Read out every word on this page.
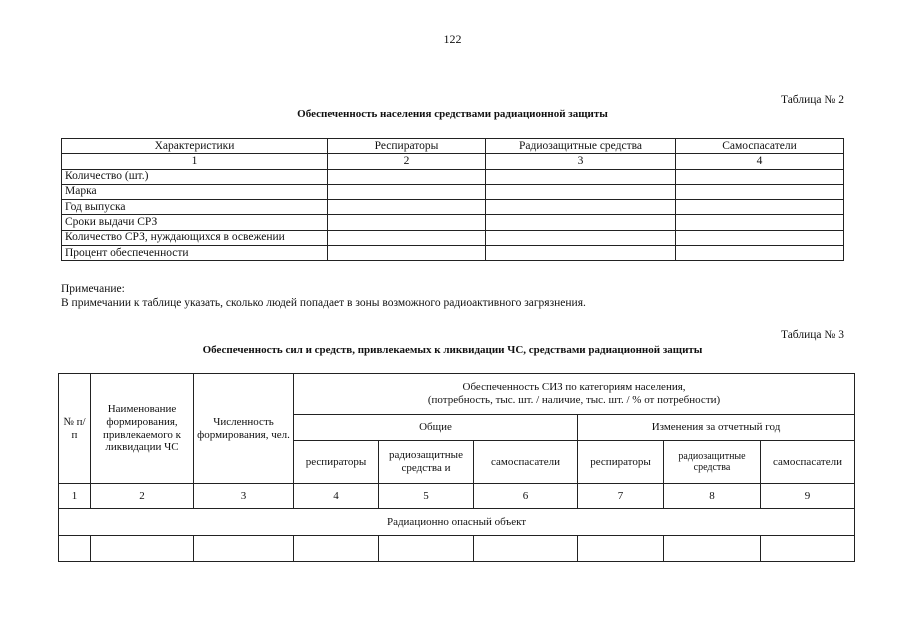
122
Таблица № 2
Обеспеченность населения средствами радиационной защиты
Характеристики	Респираторы	Радиозащитные средства	Самоспасатели
1	2	3	4
Количество (шт.)			
Марка			
Год выпуска			
Сроки выдачи СРЗ			
Количество СРЗ, нуждающихся в освежении			
Процент обеспеченности			
Примечание:
В примечании к таблице указать, сколько людей попадает в зоны возможного радиоактивного загрязнения.
Таблица № 3
Обеспеченность сил и средств, привлекаемых к ликвидации ЧС, средствами радиационной защиты
№ п/п	Наименование формирования, привлекаемого к ликвидации ЧС	Численность формирования, чел.	Обеспеченность СИЗ по категориям населения,
(потребность, тыс. шт. / наличие, тыс. шт. / % от потребности)					

			Общие			Изменения за отчетный год		
			респираторы	радиозащитные средства и	самоспасатели	респираторы	радиозащитные средства	самоспасатели
1	2	3	4	5	6	7	8	9
Радиационно опасный объект								
